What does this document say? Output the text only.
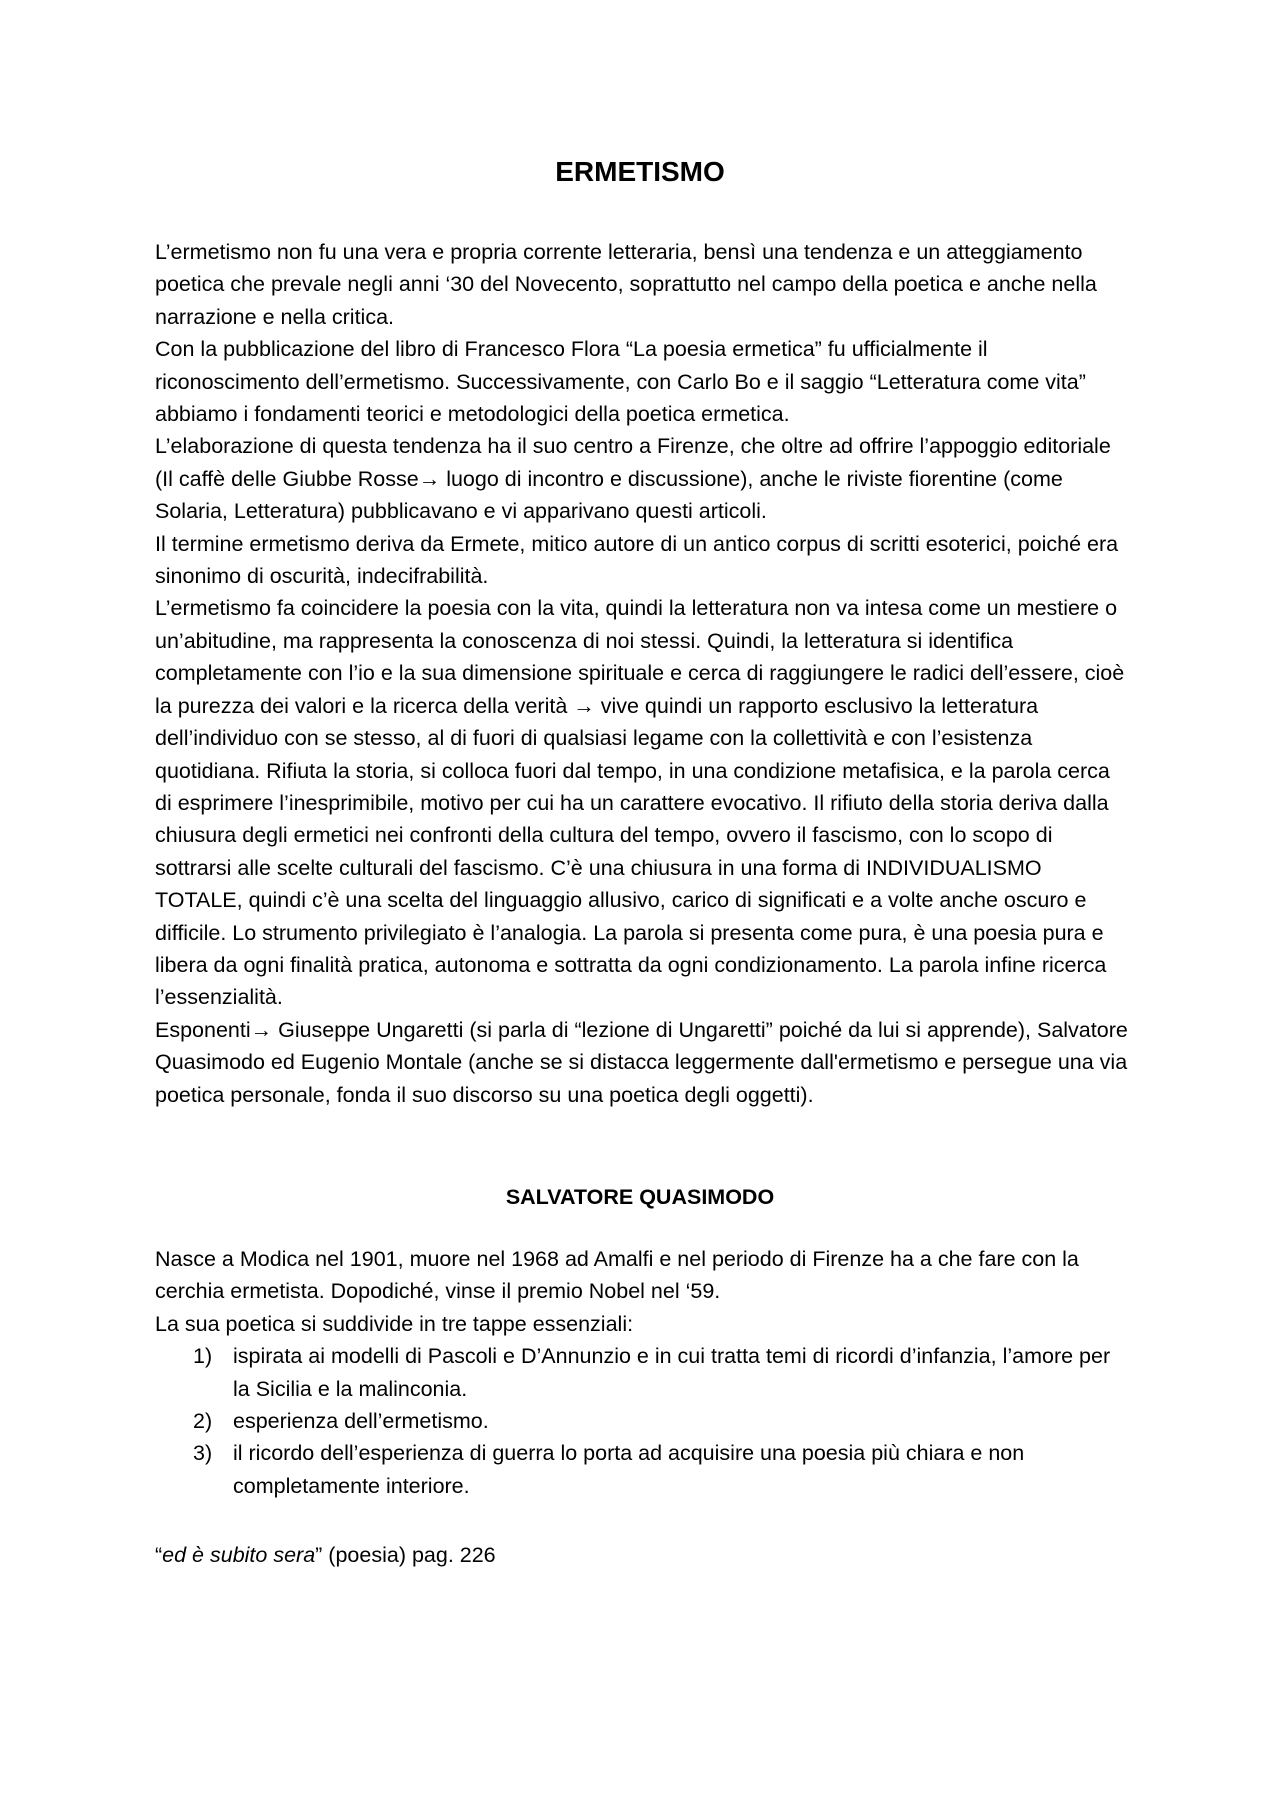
ERMETISMO

L’ermetismo non fu una vera e propria corrente letteraria, bensì una tendenza e un atteggiamento poetica che prevale negli anni ‘30 del Novecento, soprattutto nel campo della poetica e anche nella narrazione e nella critica.

Con la pubblicazione del libro di Francesco Flora “La poesia ermetica” fu ufficialmente il riconoscimento dell’ermetismo. Successivamente, con Carlo Bo e il saggio “Letteratura come vita” abbiamo i fondamenti teorici e metodologici della poetica ermetica.

L’elaborazione di questa tendenza ha il suo centro a Firenze, che oltre ad offrire l’appoggio editoriale (Il caffè delle Giubbe Rosse→ luogo di incontro e discussione), anche le riviste fiorentine (come Solaria, Letteratura) pubblicavano e vi apparivano questi articoli.

Il termine ermetismo deriva da Ermete, mitico autore di un antico corpus di scritti esoterici, poiché era sinonimo di oscurità, indecifrabilità.

L’ermetismo fa coincidere la poesia con la vita, quindi la letteratura non va intesa come un mestiere o un’abitudine, ma rappresenta la conoscenza di noi stessi. Quindi, la letteratura si identifica completamente con l’io e la sua dimensione spirituale e cerca di raggiungere le radici dell’essere, cioè la purezza dei valori e la ricerca della verità → vive quindi un rapporto esclusivo la letteratura dell’individuo con se stesso, al di fuori di qualsiasi legame con la collettività e con l’esistenza quotidiana. Rifiuta la storia, si colloca fuori dal tempo, in una condizione metafisica, e la parola cerca di esprimere l’inesprimibile, motivo per cui ha un carattere evocativo. Il rifiuto della storia deriva dalla chiusura degli ermetici nei confronti della cultura del tempo, ovvero il fascismo, con lo scopo di sottrarsi alle scelte culturali del fascismo. C’è una chiusura in una forma di INDIVIDUALISMO TOTALE, quindi c’è una scelta del linguaggio allusivo, carico di significati e a volte anche oscuro e difficile. Lo strumento privilegiato è l’analogia. La parola si presenta come pura, è una poesia pura e libera da ogni finalità pratica, autonoma e sottratta da ogni condizionamento. La parola infine ricerca l’essenzialità.

Esponenti→ Giuseppe Ungaretti (si parla di “lezione di Ungaretti” poiché da lui si apprende), Salvatore Quasimodo ed Eugenio Montale (anche se si distacca leggermente dall'ermetismo e persegue una via poetica personale, fonda il suo discorso su una poetica degli oggetti).

SALVATORE QUASIMODO

Nasce a Modica nel 1901, muore nel 1968 ad Amalfi e nel periodo di Firenze ha a che fare con la cerchia ermetista. Dopodiché, vinse il premio Nobel nel ‘59.

La sua poetica si suddivide in tre tappe essenziali:

1) ispirata ai modelli di Pascoli e D’Annunzio e in cui tratta temi di ricordi d’infanzia, l’amore per la Sicilia e la malinconia.
2) esperienza dell’ermetismo.
3) il ricordo dell’esperienza di guerra lo porta ad acquisire una poesia più chiara e non completamente interiore.
“ed è subito sera” (poesia) pag. 226
